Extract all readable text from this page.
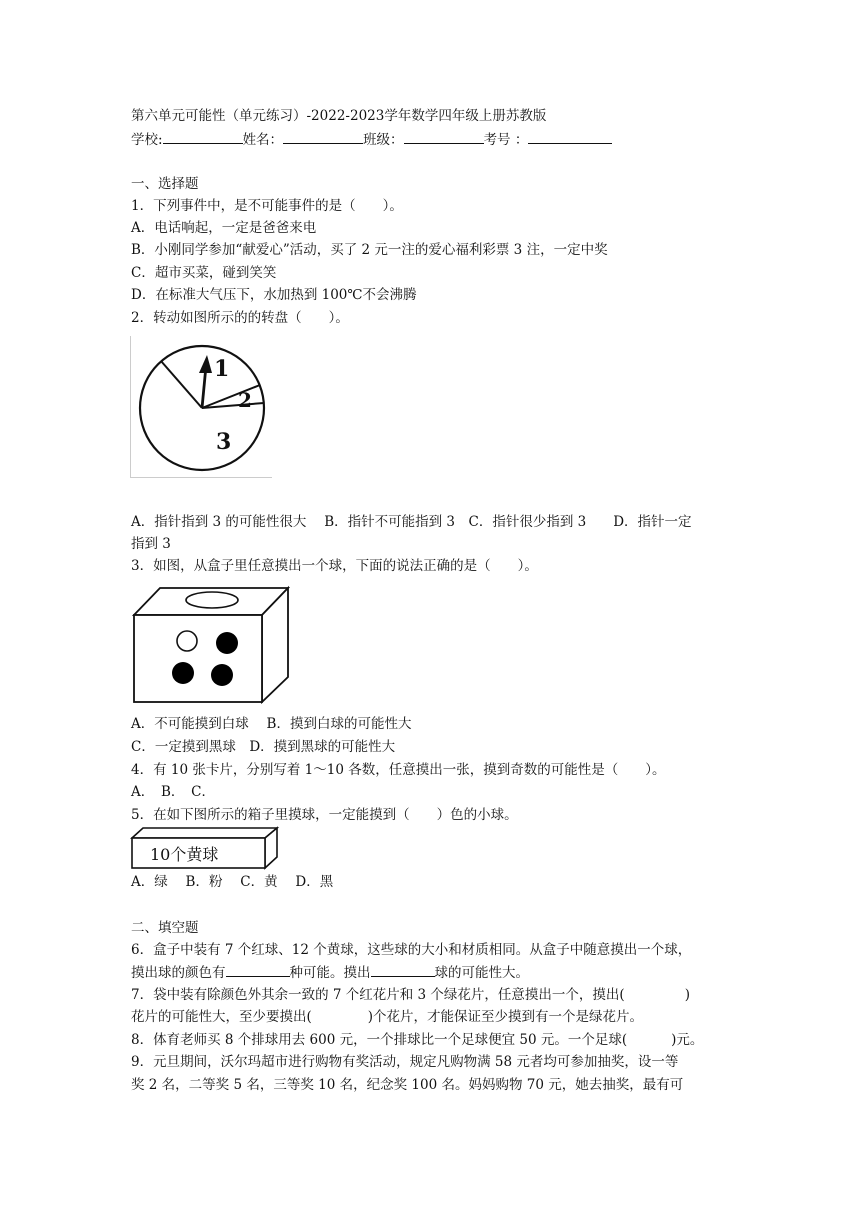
第六单元可能性（单元练习）-2022-2023学年数学四年级上册苏教版
学校:	姓名：	班级：	考号 ：
一、选择题
1．下列事件中，是不可能事件的是（　　）。
A．电话响起，一定是爸爸来电
B．小刚同学参加“献爱心”活动，买了 2 元一注的爱心福利彩票 3 注，一定中奖
C．超市买菜，碰到笑笑
D．在标准大气压下，水加热到 100℃不会沸腾
2．转动如图所示的的转盘（　　）。
1
2
3
A．指针指到 3 的可能性很大　 B．指针不可能指到 3　C．指针很少指到 3　　D．指针一定
指到 3
3．如图，从盒子里任意摸出一个球，下面的说法正确的是（　　）。
A．不可能摸到白球　 B．摸到白球的可能性大
C．一定摸到黑球　D．摸到黑球的可能性大
4．有 10 张卡片，分别写着 1～10 各数，任意摸出一张，摸到奇数的可能性是（　　）。
A．　B．　C．
5．在如下图所示的箱子里摸球，一定能摸到（　　）色的小球。
10个黄球
A．绿　 B．粉　 C．黄　 D．黑
二、填空题
6．盒子中装有 7 个红球、12 个黄球，这些球的大小和材质相同。从盒子中随意摸出一个球，
摸出球的颜色有	种可能。摸出	球的可能性大。
7．袋中装有除颜色外其余一致的 7 个红花片和 3 个绿花片，任意摸出一个，摸出(	)
花片的可能性大，至少要摸出(	)个花片，才能保证至少摸到有一个是绿花片。
8．体育老师买 8 个排球用去 600 元，一个排球比一个足球便宜 50 元。一个足球(	)元。
9．元旦期间，沃尔玛超市进行购物有奖活动，规定凡购物满 58 元者均可参加抽奖，设一等
奖 2 名，二等奖 5 名，三等奖 10 名，纪念奖 100 名。妈妈购物 70 元，她去抽奖，最有可
